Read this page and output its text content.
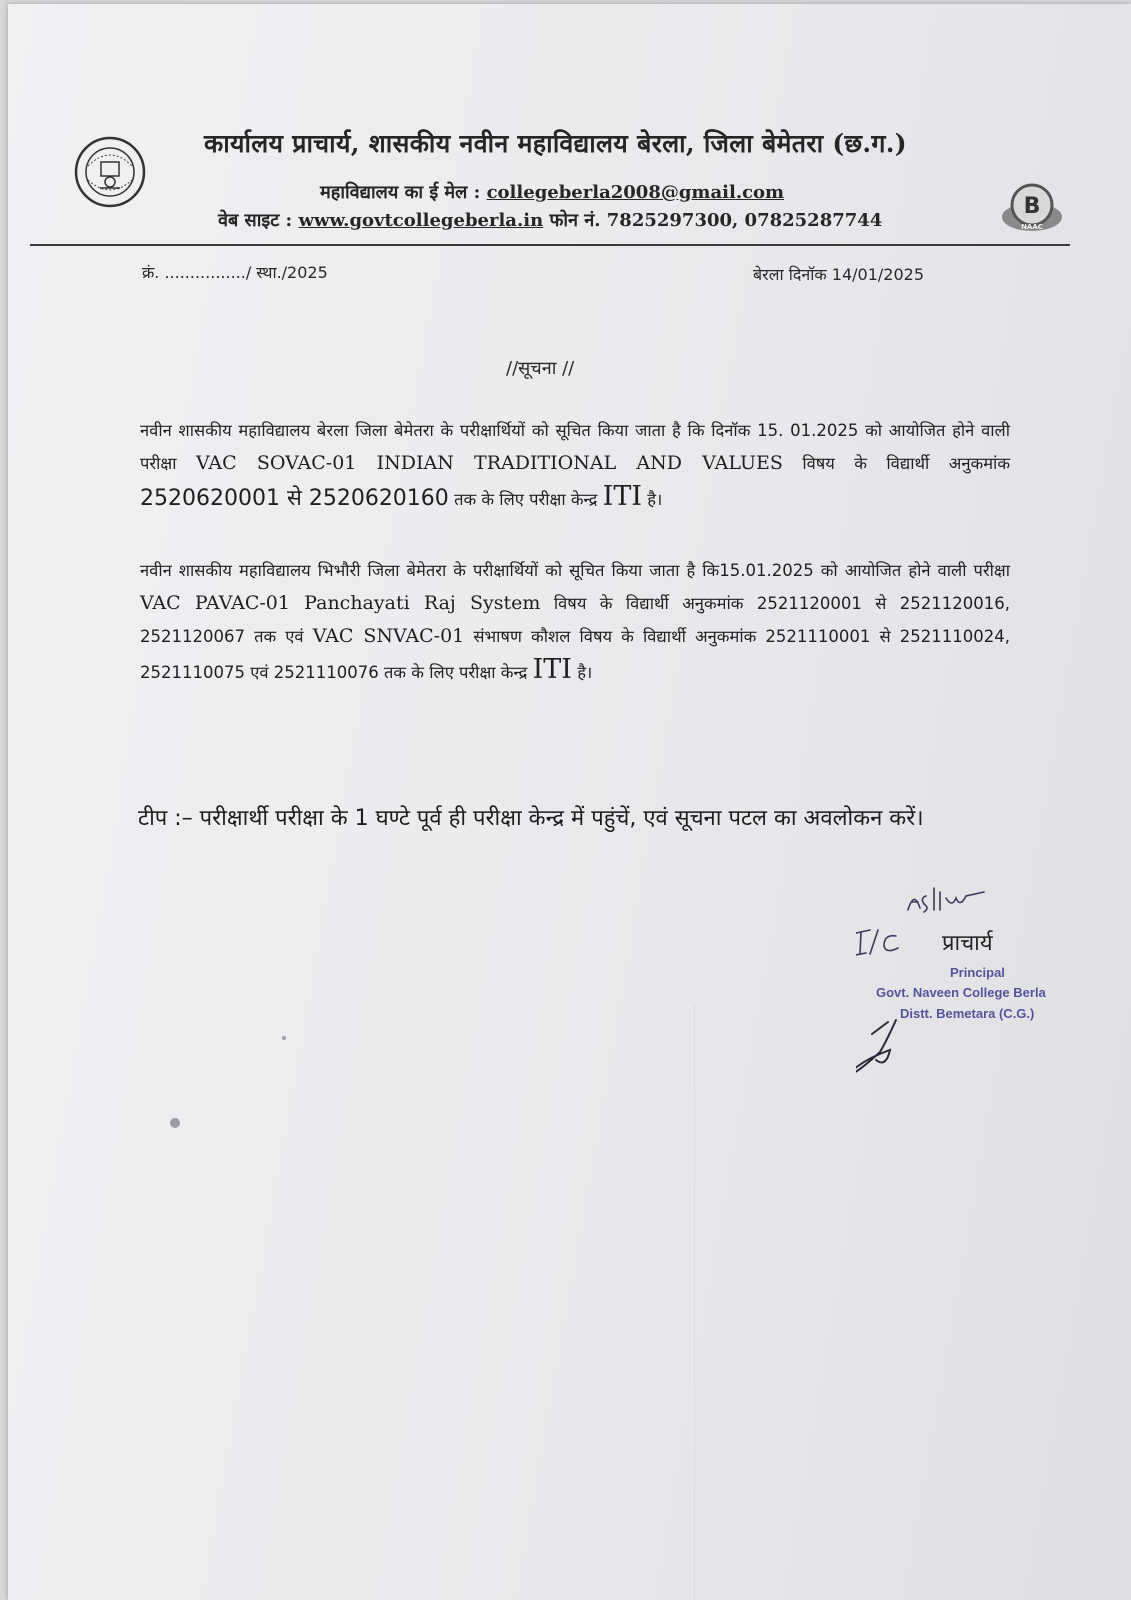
कार्यालय प्राचार्य, शासकीय नवीन महाविद्यालय बेरला, जिला बेमेतरा (छ.ग.)
महाविद्यालय का ई मेल : collegeberla2008@gmail.com
वेब साइट : www.govtcollegeberla.in फोन नं. 7825297300, 07825287744
B
NAAC
क्रं. ................/ स्था./2025	बेरला दिनॉक 14/01/2025
//सूचना //
नवीन शासकीय महाविद्यालय बेरला जिला बेमेतरा के परीक्षार्थियों को सूचित किया जाता है कि दिनॉक 15. 01.2025 को आयोजित होने वाली परीक्षा VAC SOVAC-01 INDIAN TRADITIONAL AND VALUES विषय के विद्यार्थी अनुकमांक 2520620001 से 2520620160 तक के लिए परीक्षा केन्द्र ITI है।
नवीन शासकीय महाविद्यालय भिभौरी जिला बेमेतरा के परीक्षार्थियों को सूचित किया जाता है कि15.01.2025 को आयोजित होने वाली परीक्षा VAC PAVAC-01 Panchayati Raj System विषय के विद्यार्थी अनुकमांक 2521120001 से 2521120016, 2521120067 तक एवं VAC SNVAC-01 संभाषण कौशल विषय के विद्यार्थी अनुकमांक 2521110001 से 2521110024, 2521110075 एवं 2521110076 तक के लिए परीक्षा केन्द्र ITI है।
टीप :– परीक्षार्थी परीक्षा के 1 घण्टे पूर्व ही परीक्षा केन्द्र में पहुंचें, एवं सूचना पटल का अवलोकन करें।
प्राचार्य
Principal
Govt. Naveen College Berla
Distt. Bemetara (C.G.)
